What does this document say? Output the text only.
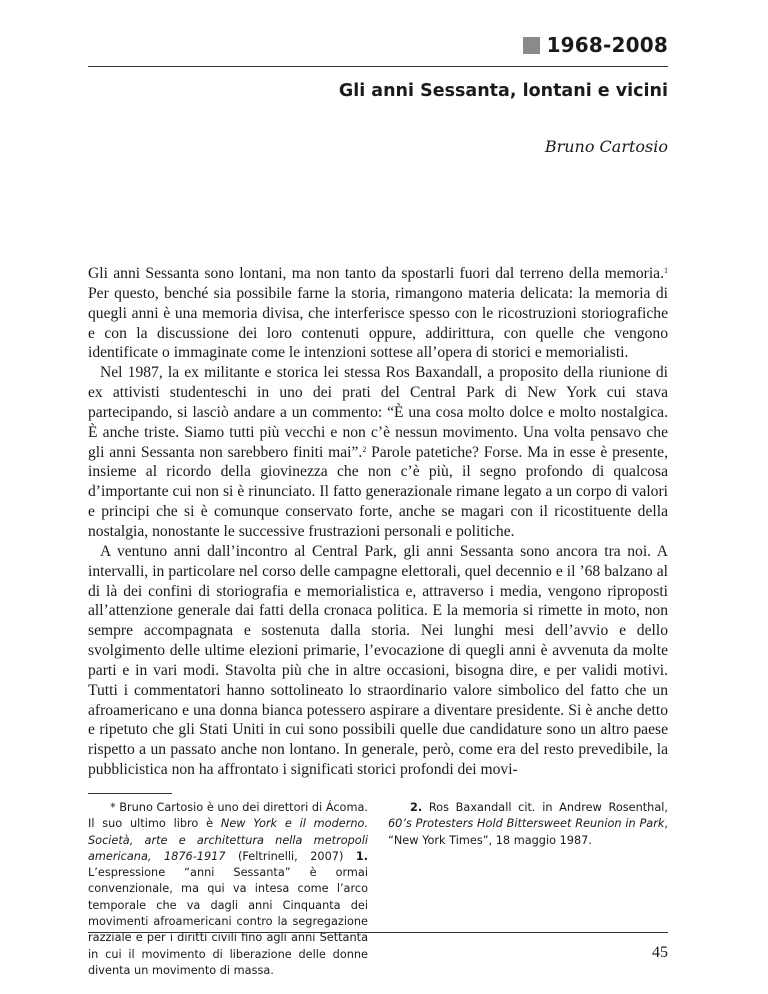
1968-2008
Gli anni Sessanta, lontani e vicini
Bruno Cartosio

Gli anni Sessanta sono lontani, ma non tanto da spostarli fuori dal terreno della memoria.$^1$ Per questo, benché sia possibile farne la storia, rimangono materia delicata: la memoria di quegli anni è una memoria divisa, che interferisce spesso con le ricostruzioni storiografiche e con la discussione dei loro contenuti oppure, addirittura, con quelle che vengono identificate o immaginate come le intenzioni sottese all’opera di storici e memorialisti.

Nel 1987, la ex militante e storica lei stessa Ros Baxandall, a proposito della riunione di ex attivisti studenteschi in uno dei prati del Central Park di New York cui stava partecipando, si lasciò andare a un commento: “È una cosa molto dolce e molto nostalgica. È anche triste. Siamo tutti più vecchi e non c’è nessun movimento. Una volta pensavo che gli anni Sessanta non sarebbero finiti mai”.$^2$ Parole patetiche? Forse. Ma in esse è presente, insieme al ricordo della giovinezza che non c’è più, il segno profondo di qualcosa d’importante cui non si è rinunciato. Il fatto generazionale rimane legato a un corpo di valori e principi che si è comunque conservato forte, anche se magari con il ricostituente della nostalgia, nonostante le successive frustrazioni personali e politiche.

A ventuno anni dall’incontro al Central Park, gli anni Sessanta sono ancora tra noi. A intervalli, in particolare nel corso delle campagne elettorali, quel decennio e il ’68 balzano al di là dei confini di storiografia e memorialistica e, attraverso i media, vengono riproposti all’attenzione generale dai fatti della cronaca politica. E la memoria si rimette in moto, non sempre accompagnata e sostenuta dalla storia. Nei lunghi mesi dell’avvio e dello svolgimento delle ultime elezioni primarie, l’evocazione di quegli anni è avvenuta da molte parti e in vari modi. Stavolta più che in altre occasioni, bisogna dire, e per validi motivi. Tutti i commentatori hanno sottolineato lo straordinario valore simbolico del fatto che un afroamericano e una donna bianca potessero aspirare a diventare presidente. Si è anche detto e ripetuto che gli Stati Uniti in cui sono possibili quelle due candidature sono un altro paese rispetto a un passato anche non lontano. In generale, però, come era del resto prevedibile, la pubblicistica non ha affrontato i significati storici profondi dei movi-

* Bruno Cartosio è uno dei direttori di Ácoma. Il suo ultimo libro è New York e il moderno. Società, arte e architettura nella metropoli americana, 1876-1917 (Feltrinelli, 2007) 1. L’espressione “anni Sessanta” è ormai convenzionale, ma qui va intesa come l’arco temporale che va dagli anni Cinquanta dei movimenti afroamericani contro la segregazione razziale e per i diritti civili fino agli anni Settanta in cui il movimento di liberazione delle donne diventa un movimento di massa.

2. Ros Baxandall cit. in Andrew Rosenthal, 60’s Protesters Hold Bittersweet Reunion in Park, “New York Times”, 18 maggio 1987.

45
